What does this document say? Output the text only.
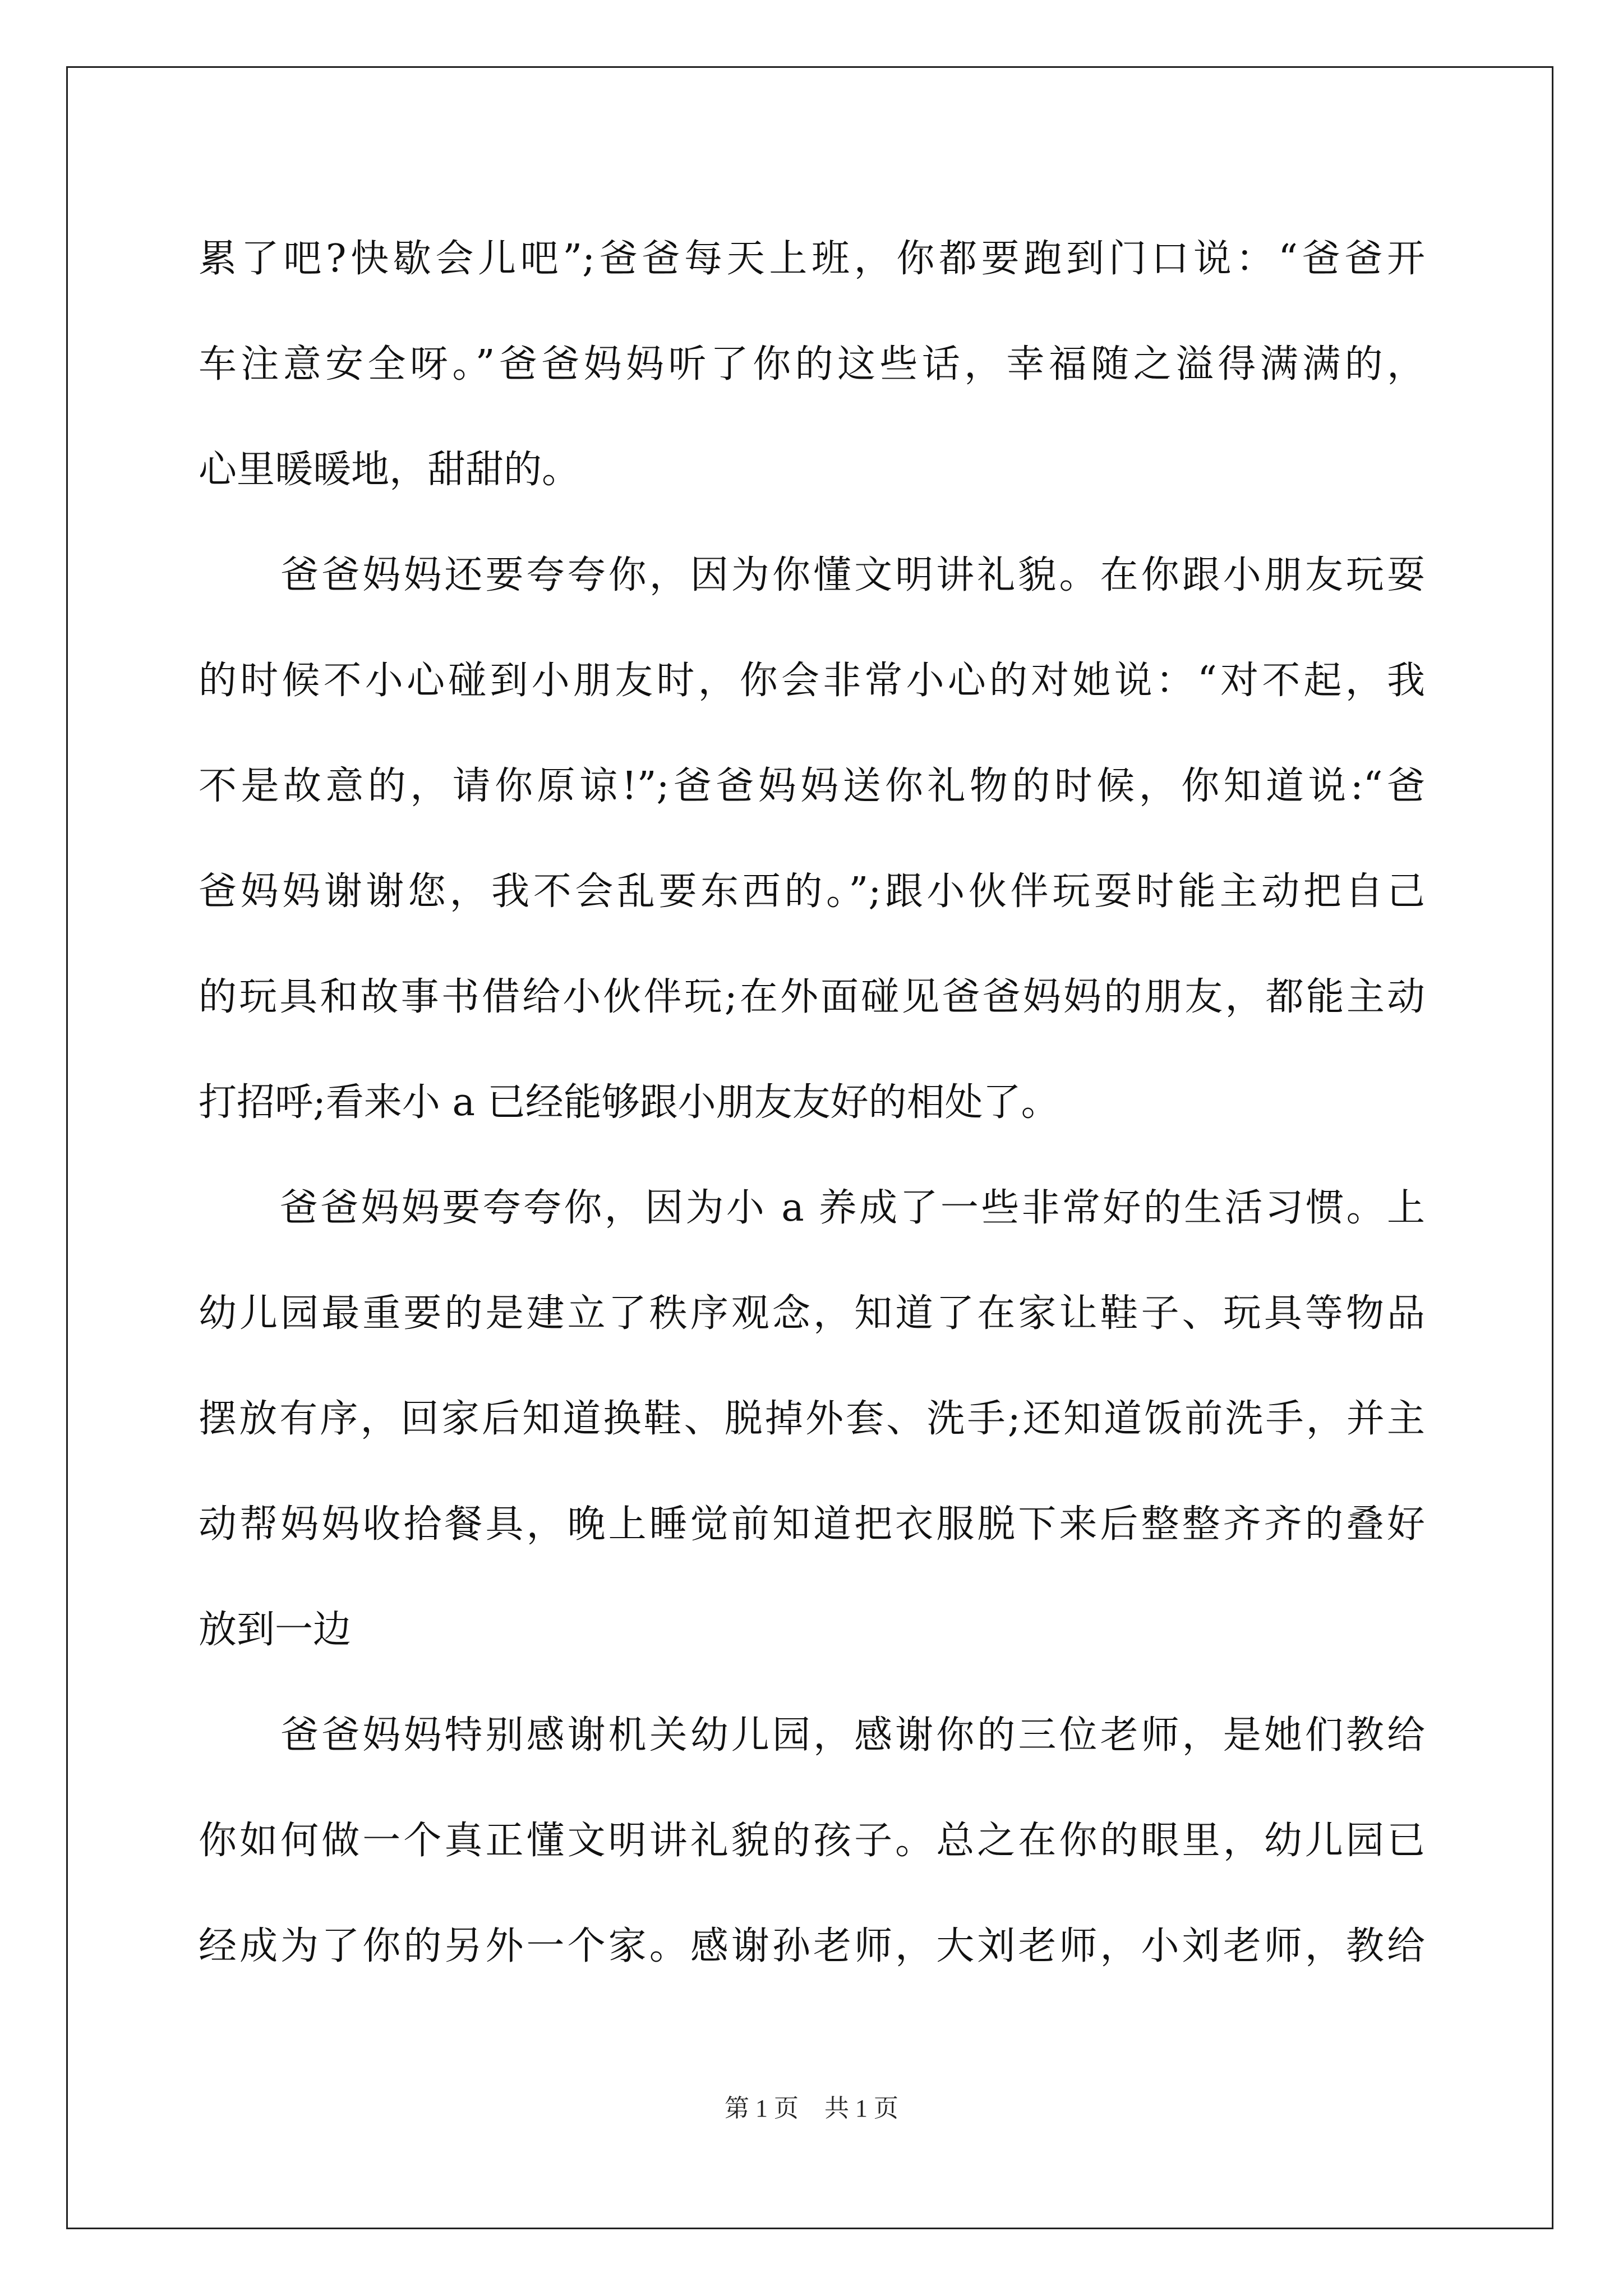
累了吧?快歇会儿吧”;爸爸每天上班，你都要跑到门口说：“爸爸开
车注意安全呀。”爸爸妈妈听了你的这些话，幸福随之溢得满满的，
心里暖暖地，甜甜的。
　　爸爸妈妈还要夸夸你，因为你懂文明讲礼貌。在你跟小朋友玩耍
的时候不小心碰到小朋友时，你会非常小心的对她说：“对不起，我
不是故意的，请你原谅!”;爸爸妈妈送你礼物的时候，你知道说:“爸
爸妈妈谢谢您，我不会乱要东西的。”;跟小伙伴玩耍时能主动把自己
的玩具和故事书借给小伙伴玩;在外面碰见爸爸妈妈的朋友，都能主动
打招呼;看来小 a 已经能够跟小朋友友好的相处了。
　　爸爸妈妈要夸夸你，因为小 a 养成了一些非常好的生活习惯。上
幼儿园最重要的是建立了秩序观念，知道了在家让鞋子、玩具等物品
摆放有序，回家后知道换鞋、脱掉外套、洗手;还知道饭前洗手，并主
动帮妈妈收拾餐具，晚上睡觉前知道把衣服脱下来后整整齐齐的叠好
放到一边
　　爸爸妈妈特别感谢机关幼儿园，感谢你的三位老师，是她们教给
你如何做一个真正懂文明讲礼貌的孩子。总之在你的眼里，幼儿园已
经成为了你的另外一个家。感谢孙老师，大刘老师，小刘老师，教给
第 1 页 共 1 页
